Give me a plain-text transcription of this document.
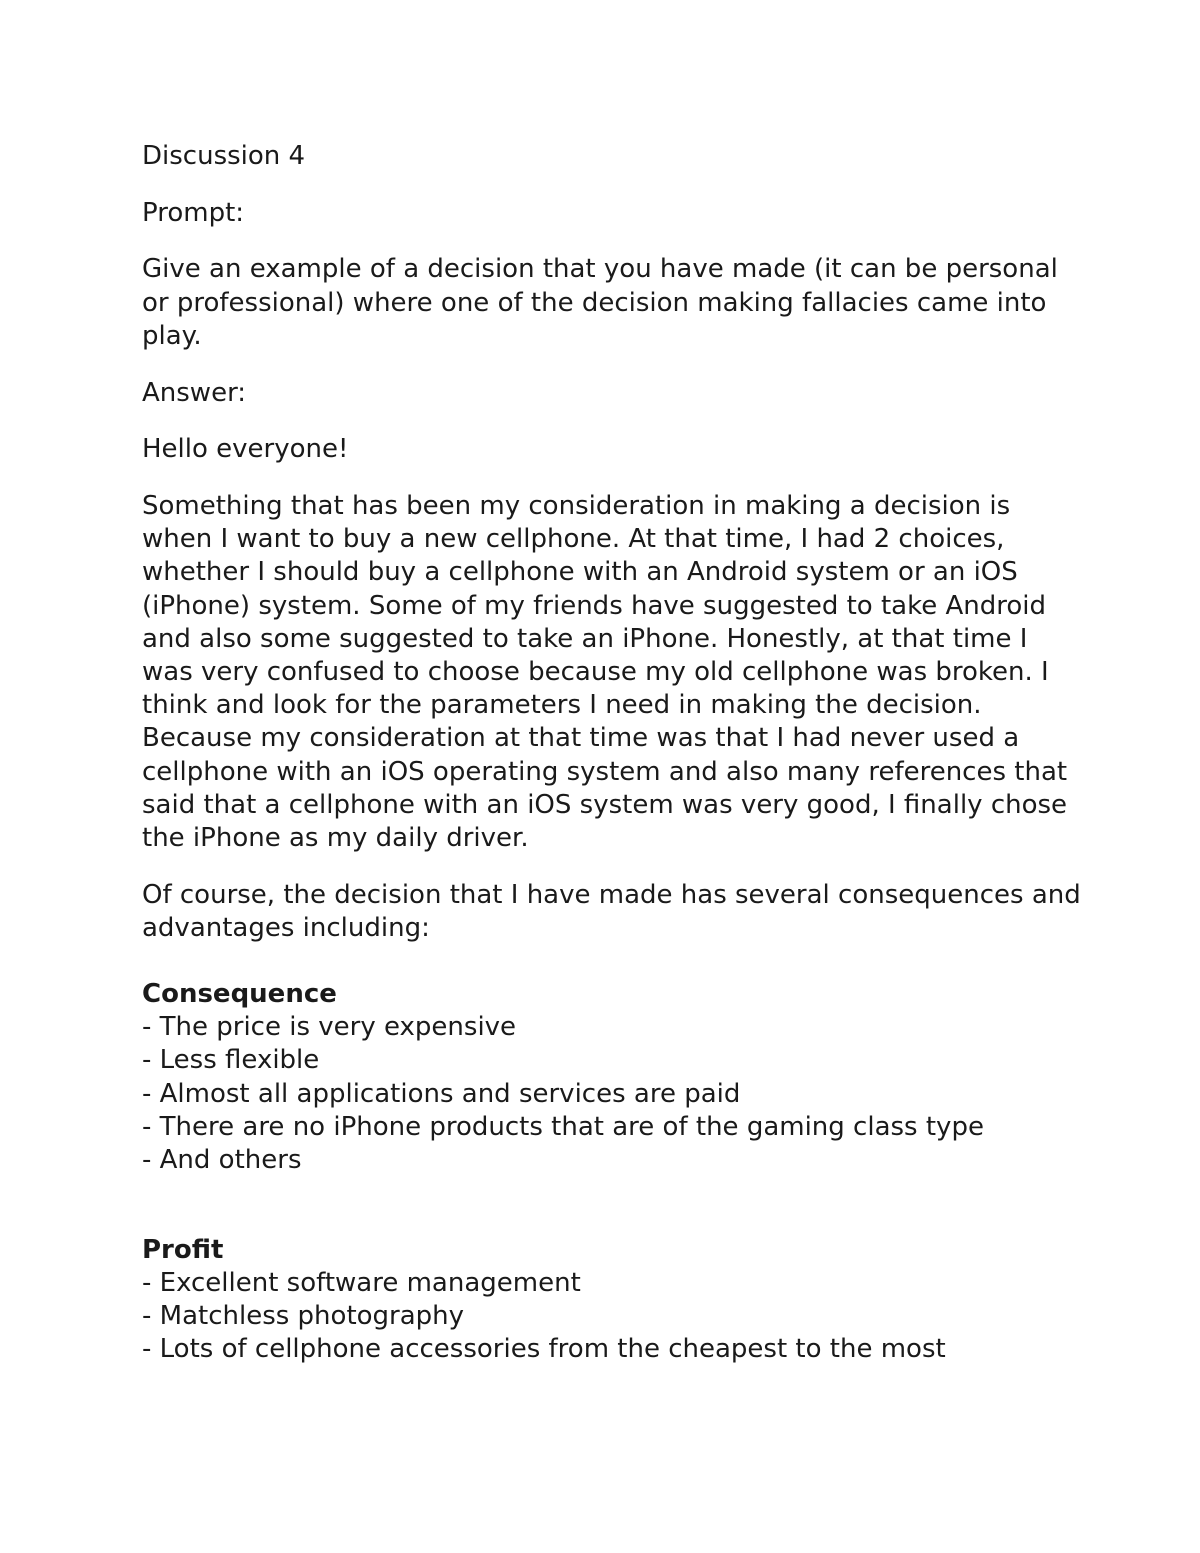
Discussion 4

Prompt:

Give an example of a decision that you have made (it can be personal or professional) where one of the decision making fallacies came into play.

Answer:

Hello everyone!

Something that has been my consideration in making a decision is when I want to buy a new cellphone. At that time, I had 2 choices, whether I should buy a cellphone with an Android system or an iOS (iPhone) system. Some of my friends have suggested to take Android and also some suggested to take an iPhone. Honestly, at that time I was very confused to choose because my old cellphone was broken. I think and look for the parameters I need in making the decision. Because my consideration at that time was that I had never used a cellphone with an iOS operating system and also many references that said that a cellphone with an iOS system was very good, I finally chose the iPhone as my daily driver.

Of course, the decision that I have made has several consequences and advantages including:

Consequence

- The price is very expensive
- Less flexible
- Almost all applications and services are paid
- There are no iPhone products that are of the gaming class type
- And others

Profit

- Excellent software management
- Matchless photography
- Lots of cellphone accessories from the cheapest to the most
